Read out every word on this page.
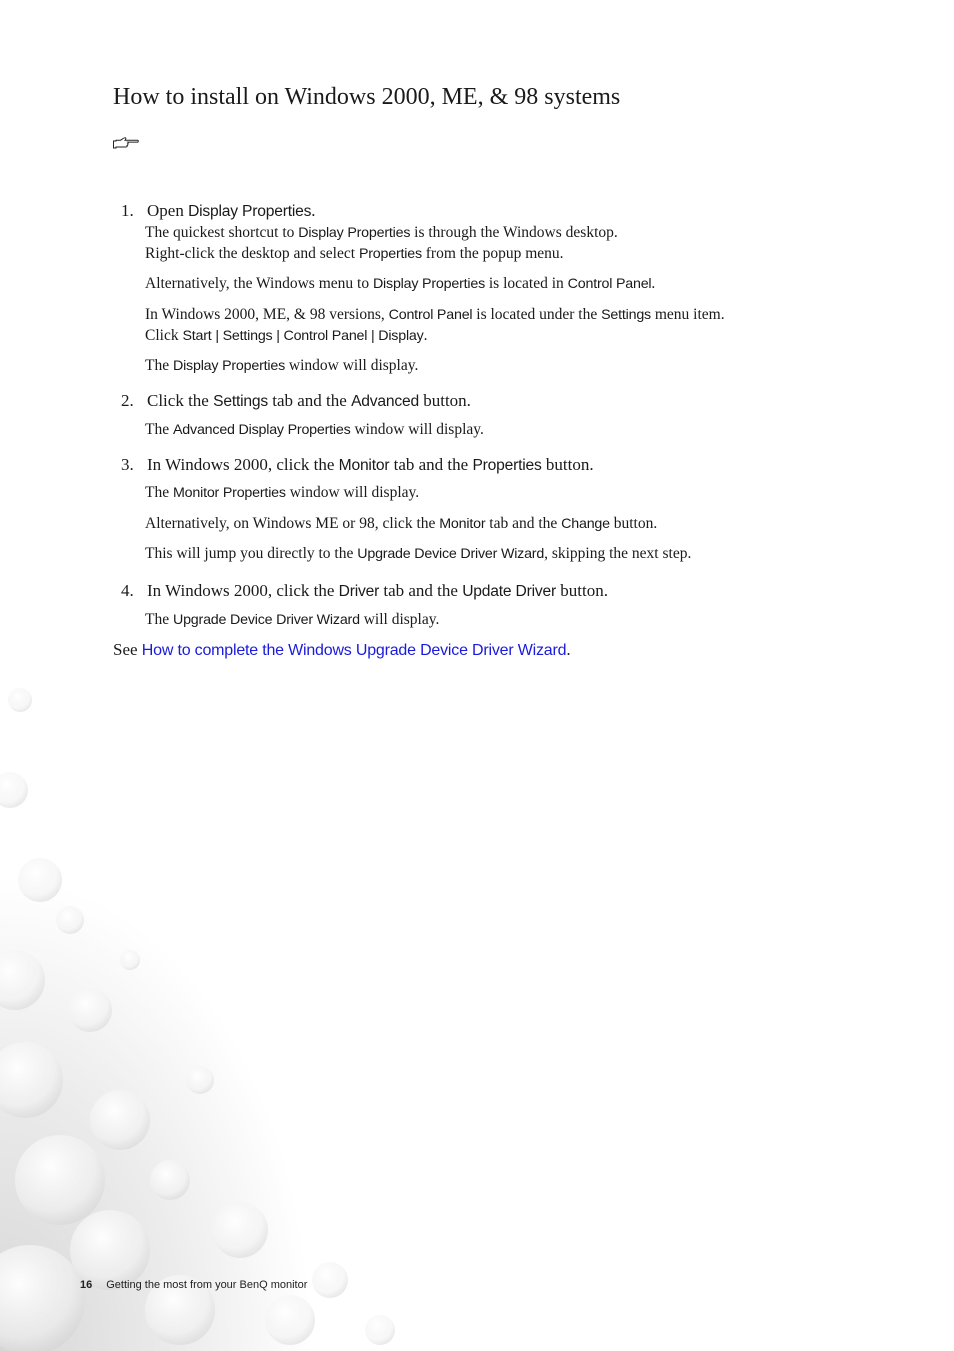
How to install on Windows 2000, ME, & 98 systems
1. Open Display Properties.
The quickest shortcut to Display Properties is through the Windows desktop.
Right-click the desktop and select Properties from the popup menu.
Alternatively, the Windows menu to Display Properties is located in Control Panel.
In Windows 2000, ME, & 98 versions, Control Panel is located under the Settings menu item.
Click Start | Settings | Control Panel | Display.
The Display Properties window will display.
2. Click the Settings tab and the Advanced button.
The Advanced Display Properties window will display.
3. In Windows 2000, click the Monitor tab and the Properties button.
The Monitor Properties window will display.
Alternatively, on Windows ME or 98, click the Monitor tab and the Change button.
This will jump you directly to the Upgrade Device Driver Wizard, skipping the next step.
4. In Windows 2000, click the Driver tab and the Update Driver button.
The Upgrade Device Driver Wizard will display.
See How to complete the Windows Upgrade Device Driver Wizard.
16 Getting the most from your BenQ monitor
